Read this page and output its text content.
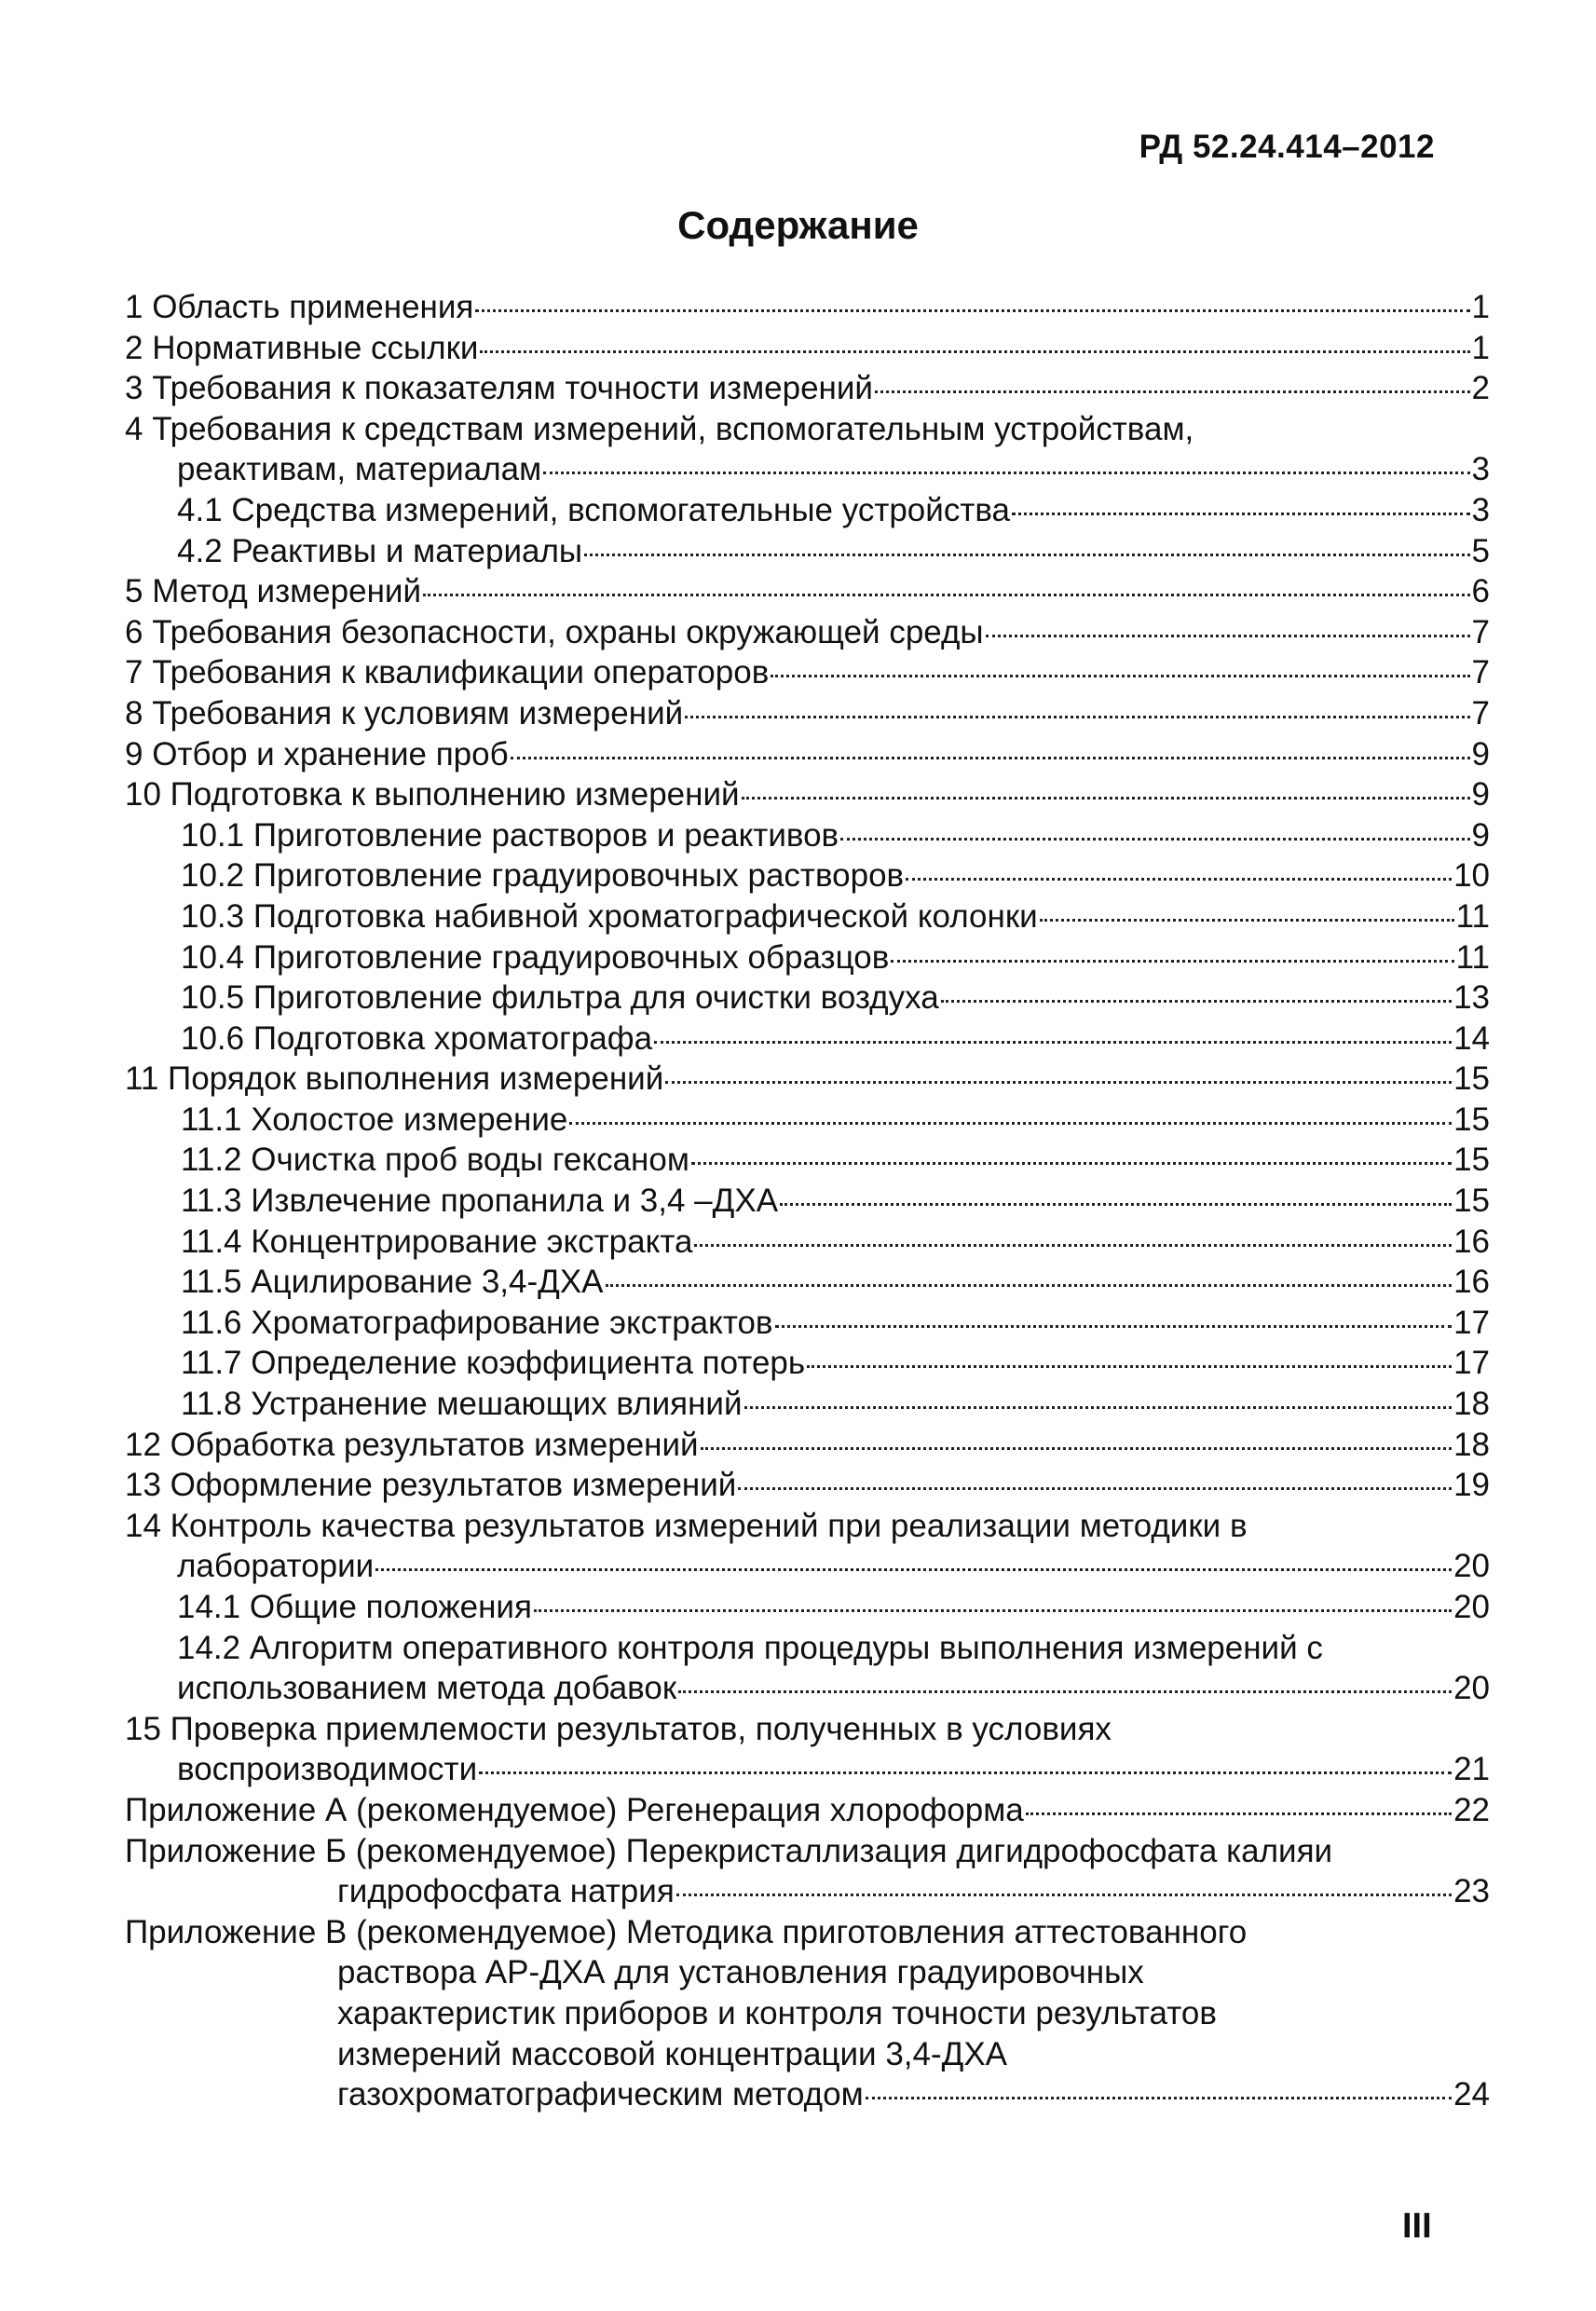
РД 52.24.414–2012
Содержание
1 Область применения	1
2 Нормативные ссылки	1
3 Требования к показателям точности измерений	2
4 Требования к средствам измерений, вспомогательным устройствам,
реактивам, материалам	3
4.1 Средства измерений, вспомогательные устройства	3
4.2 Реактивы и материалы	5
5 Метод измерений	6
6 Требования безопасности, охраны окружающей среды	7
7 Требования к квалификации операторов	7
8 Требования к условиям измерений	7
9 Отбор и хранение проб	9
10 Подготовка к выполнению измерений	9
10.1 Приготовление растворов и реактивов	9
10.2 Приготовление градуировочных растворов	10
10.3 Подготовка набивной хроматографической колонки	11
10.4 Приготовление градуировочных образцов	11
10.5 Приготовление фильтра для очистки воздуха	13
10.6 Подготовка хроматографа	14
11 Порядок выполнения измерений	15
11.1 Холостое измерение	15
11.2 Очистка проб воды гексаном	15
11.3 Извлечение пропанила и 3,4 –ДХА	15
11.4 Концентрирование экстракта	16
11.5 Ацилирование 3,4-ДХА	16
11.6 Хроматографирование экстрактов	17
11.7 Определение коэффициента потерь	17
11.8 Устранение мешающих влияний	18
12 Обработка результатов измерений	18
13 Оформление результатов измерений	19
14 Контроль качества результатов измерений при реализации методики в
лаборатории	20
14.1 Общие положения	20
14.2 Алгоритм оперативного контроля процедуры выполнения измерений с
использованием метода добавок	20
15 Проверка приемлемости результатов, полученных в условиях
воспроизводимости	21
Приложение А (рекомендуемое) Регенерация хлороформа	22
Приложение Б (рекомендуемое) Перекристаллизация дигидрофосфата калияи
гидрофосфата натрия	23
Приложение В (рекомендуемое) Методика приготовления аттестованного
раствора АР-ДХА для установления градуировочных
характеристик приборов и контроля точности результатов
измерений массовой концентрации 3,4-ДХА
газохроматографическим методом	24
III
